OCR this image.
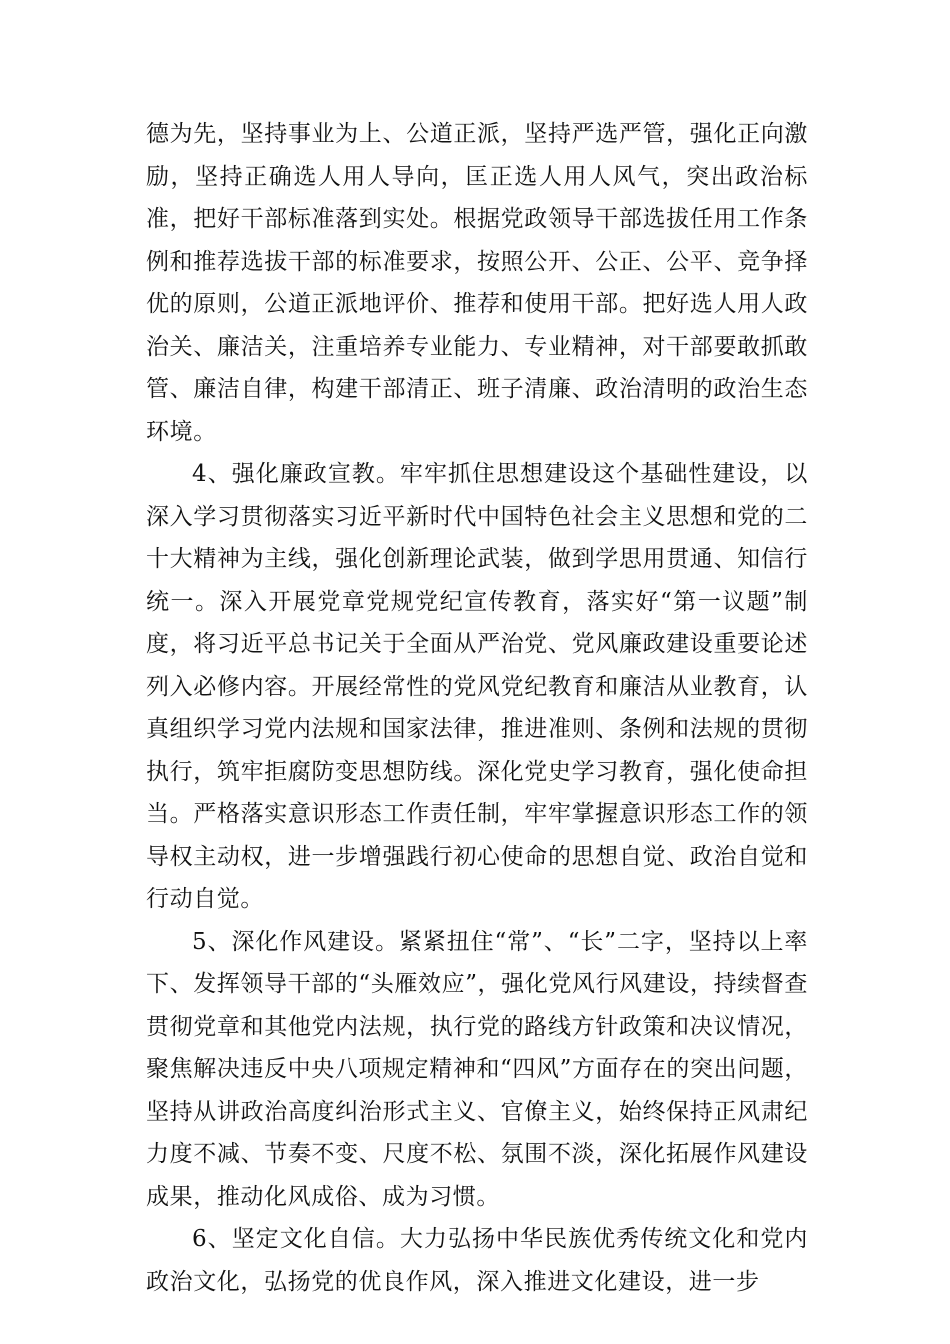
德为先，坚持事业为上、公道正派，坚持严选严管，强化正向激励，坚持正确选人用人导向，匡正选人用人风气，突出政治标准，把好干部标准落到实处。根据党政领导干部选拔任用工作条例和推荐选拔干部的标准要求，按照公开、公正、公平、竞争择优的原则，公道正派地评价、推荐和使用干部。把好选人用人政治关、廉洁关，注重培养专业能力、专业精神，对干部要敢抓敢管、廉洁自律，构建干部清正、班子清廉、政治清明的政治生态环境。

4、强化廉政宣教。牢牢抓住思想建设这个基础性建设，以深入学习贯彻落实习近平新时代中国特色社会主义思想和党的二十大精神为主线，强化创新理论武装，做到学思用贯通、知信行统一。深入开展党章党规党纪宣传教育，落实好“第一议题”制度，将习近平总书记关于全面从严治党、党风廉政建设重要论述列入必修内容。开展经常性的党风党纪教育和廉洁从业教育，认真组织学习党内法规和国家法律，推进准则、条例和法规的贯彻执行，筑牢拒腐防变思想防线。深化党史学习教育，强化使命担当。严格落实意识形态工作责任制，牢牢掌握意识形态工作的领导权主动权，进一步增强践行初心使命的思想自觉、政治自觉和行动自觉。

5、深化作风建设。紧紧扭住“常”、“长”二字，坚持以上率下、发挥领导干部的“头雁效应”，强化党风行风建设，持续督查贯彻党章和其他党内法规，执行党的路线方针政策和决议情况，聚焦解决违反中央八项规定精神和“四风”方面存在的突出问题，坚持从讲政治高度纠治形式主义、官僚主义，始终保持正风肃纪力度不减、节奏不变、尺度不松、氛围不淡，深化拓展作风建设成果，推动化风成俗、成为习惯。

6、坚定文化自信。大力弘扬中华民族优秀传统文化和党内政治文化，弘扬党的优良作风，深入推进文化建设，进一步
